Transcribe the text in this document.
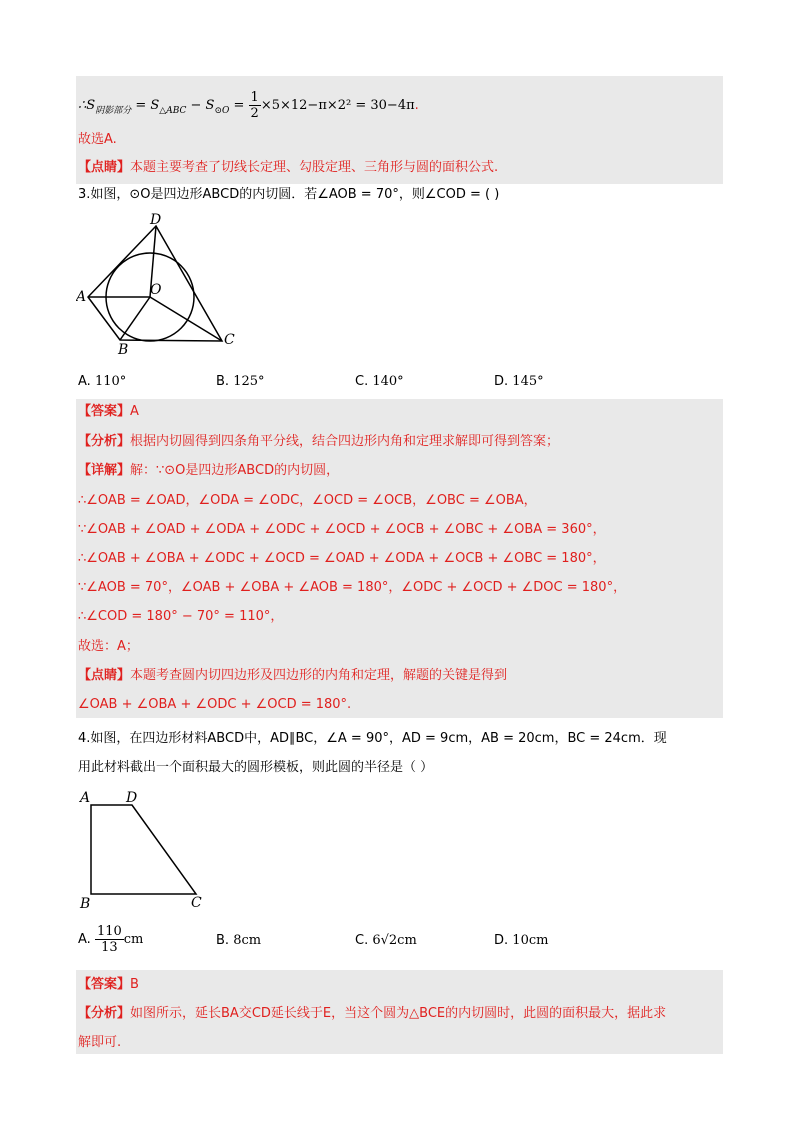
$\therefore S_{阴影部分} = S_{\triangle ABC} - S_{⊙O} = \frac{1}{2} \times 5\times 12-\pi\times 2^2 = 30-4\pi$.
故选A.
【点睛】本题主要考查了切线长定理、勾股定理、三角形与圆的面积公式.
3.如图，⊙O是四边形ABCD的内切圆．若∠AOB = 70°，则∠COD = ( )
D
A	O
B
C
A. 110°	B. 125°	C. 140°	D. 145°
【答案】A
【分析】根据内切圆得到四条角平分线，结合四边形内角和定理求解即可得到答案；
【详解】解：∵⊙O是四边形ABCD的内切圆，
∴∠OAB = ∠OAD，∠ODA = ∠ODC，∠OCD = ∠OCB，∠OBC = ∠OBA，
∵∠OAB + ∠OAD + ∠ODA + ∠ODC + ∠OCD + ∠OCB + ∠OBC + ∠OBA = 360°，
∴∠OAB + ∠OBA + ∠ODC + ∠OCD = ∠OAD + ∠ODA + ∠OCB + ∠OBC = 180°，
∵∠AOB = 70°，∠OAB + ∠OBA + ∠AOB = 180°，∠ODC + ∠OCD + ∠DOC = 180°，
∴∠COD = 180° − 70° = 110°，
故选：A；
【点睛】本题考查圆内切四边形及四边形的内角和定理，解题的关键是得到
∠OAB + ∠OBA + ∠ODC + ∠OCD = 180°.
4.如图，在四边形材料ABCD中，AD∥BC，∠A = 90°，AD = 9cm，AB = 20cm，BC = 24cm．现
用此材料截出一个面积最大的圆形模板，则此圆的半径是（ ）
A	D
B	C
A. $\frac{110}{13}$ cm	B. 8cm	C. 6√2cm	D. 10cm
【答案】B
【分析】如图所示，延长BA交CD延长线于E，当这个圆为△BCE的内切圆时，此圆的面积最大，据此求
解即可.
